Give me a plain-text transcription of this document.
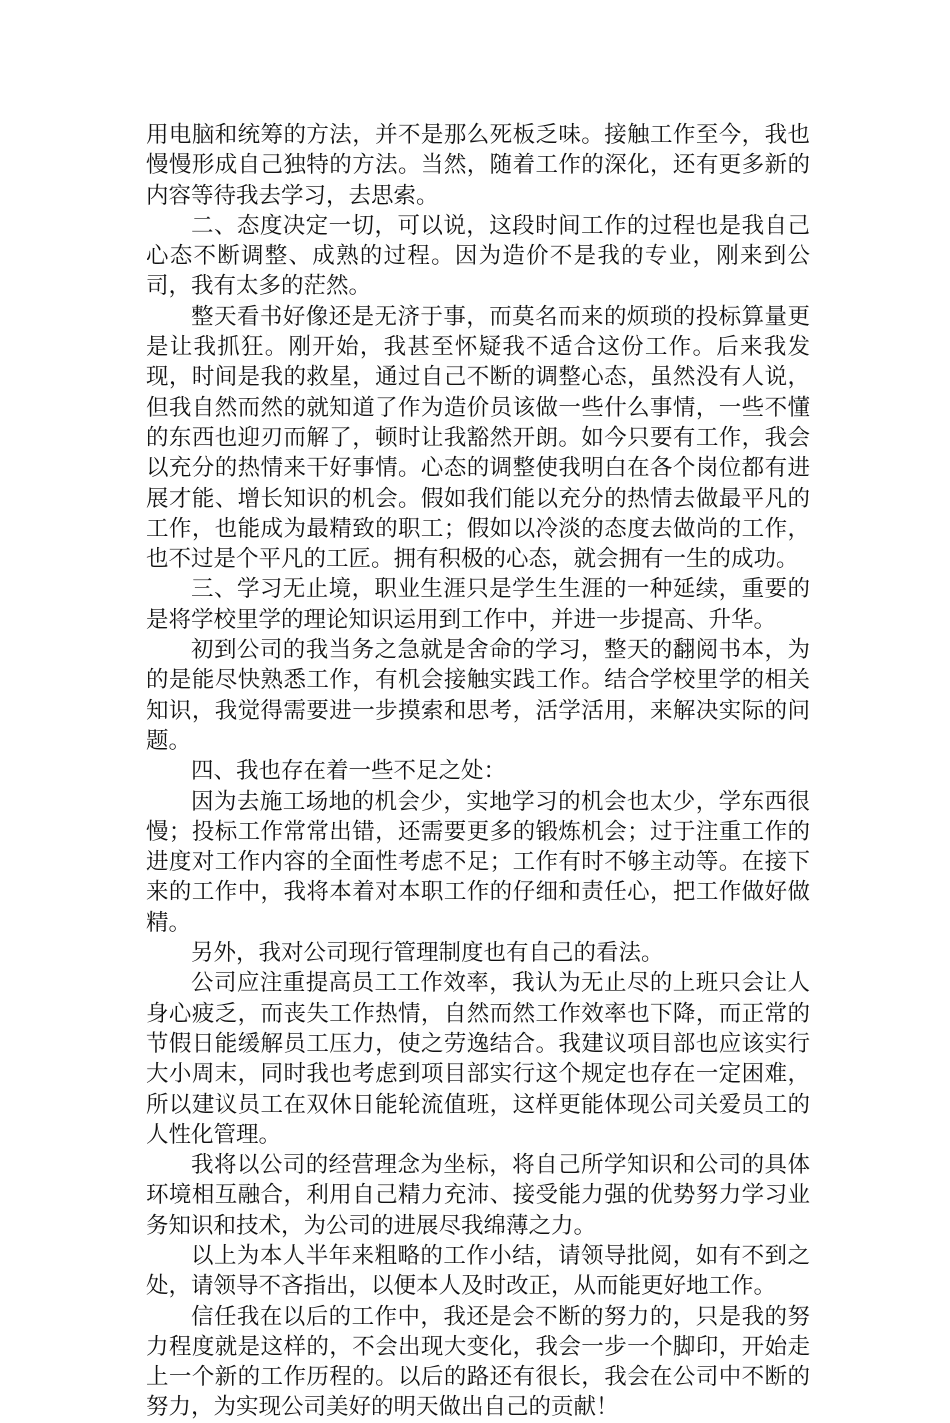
用电脑和统筹的方法，并不是那么死板乏味。接触工作至今，我也慢慢形成自己独特的方法。当然，随着工作的深化，还有更多新的内容等待我去学习，去思索。

二、态度决定一切，可以说，这段时间工作的过程也是我自己心态不断调整、成熟的过程。因为造价不是我的专业，刚来到公司，我有太多的茫然。

整天看书好像还是无济于事，而莫名而来的烦琐的投标算量更是让我抓狂。刚开始，我甚至怀疑我不适合这份工作。后来我发现，时间是我的救星，通过自己不断的调整心态，虽然没有人说，但我自然而然的就知道了作为造价员该做一些什么事情，一些不懂的东西也迎刃而解了，顿时让我豁然开朗。如今只要有工作，我会以充分的热情来干好事情。心态的调整使我明白在各个岗位都有进展才能、增长知识的机会。假如我们能以充分的热情去做最平凡的工作，也能成为最精致的职工；假如以冷淡的态度去做尚的工作，也不过是个平凡的工匠。拥有积极的心态，就会拥有一生的成功。

三、学习无止境，职业生涯只是学生生涯的一种延续，重要的是将学校里学的理论知识运用到工作中，并进一步提高、升华。

初到公司的我当务之急就是舍命的学习，整天的翻阅书本，为的是能尽快熟悉工作，有机会接触实践工作。结合学校里学的相关知识，我觉得需要进一步摸索和思考，活学活用，来解决实际的问题。

四、我也存在着一些不足之处：

因为去施工场地的机会少，实地学习的机会也太少，学东西很慢；投标工作常常出错，还需要更多的锻炼机会；过于注重工作的进度对工作内容的全面性考虑不足；工作有时不够主动等。在接下来的工作中，我将本着对本职工作的仔细和责任心，把工作做好做精。

另外，我对公司现行管理制度也有自己的看法。

公司应注重提高员工工作效率，我认为无止尽的上班只会让人身心疲乏，而丧失工作热情，自然而然工作效率也下降，而正常的节假日能缓解员工压力，使之劳逸结合。我建议项目部也应该实行大小周末，同时我也考虑到项目部实行这个规定也存在一定困难，所以建议员工在双休日能轮流值班，这样更能体现公司关爱员工的人性化管理。

我将以公司的经营理念为坐标，将自己所学知识和公司的具体环境相互融合，利用自己精力充沛、接受能力强的优势努力学习业务知识和技术，为公司的进展尽我绵薄之力。

以上为本人半年来粗略的工作小结，请领导批阅，如有不到之处，请领导不吝指出，以便本人及时改正，从而能更好地工作。

信任我在以后的工作中，我还是会不断的努力的，只是我的努力程度就是这样的，不会出现大变化，我会一步一个脚印，开始走上一个新的工作历程的。以后的路还有很长，我会在公司中不断的努力，为实现公司美好的明天做出自己的贡献！
